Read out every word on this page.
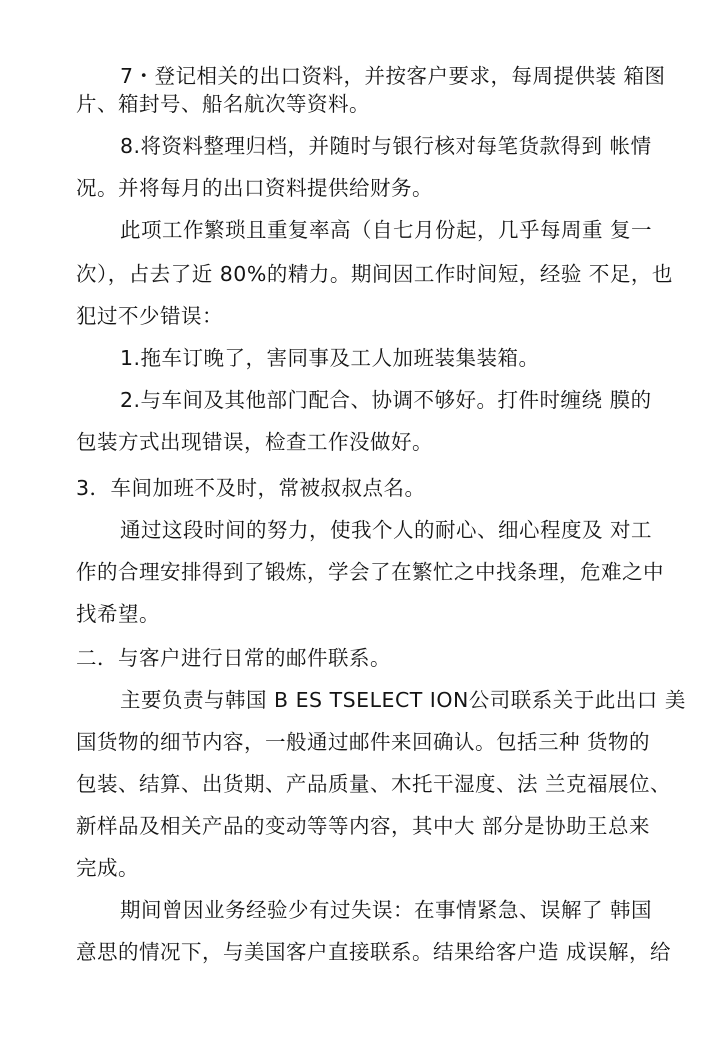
7・登记相关的出口资料，并按客户要求，每周提供装 箱图
片、箱封号、船名航次等资料。
8.将资料整理归档，并随时与银行核对每笔货款得到 帐情
况。并将每月的出口资料提供给财务。
此项工作繁琐且重复率高（自七月份起，几乎每周重 复一
次），占去了近 80%的精力。期间因工作时间短，经验 不足，也
犯过不少错误：
1.拖车订晚了，害同事及工人加班装集装箱。
2.与车间及其他部门配合、协调不够好。打件时缠绕 膜的
包装方式出现错误，检查工作没做好。
3．车间加班不及时，常被叔叔点名。
通过这段时间的努力，使我个人的耐心、细心程度及 对工
作的合理安排得到了锻炼，学会了在繁忙之中找条理，危难之中
找希望。
二．与客户进行日常的邮件联系。
主要负责与韩国 B ES TSELECT ION公司联系关于此出口 美
国货物的细节内容，一般通过邮件来回确认。包括三种 货物的
包装、结算、出货期、产品质量、木托干湿度、法 兰克福展位、
新样品及相关产品的变动等等内容，其中大 部分是协助王总来
完成。
期间曾因业务经验少有过失误：在事情紧急、误解了 韩国
意思的情况下，与美国客户直接联系。结果给客户造 成误解，给
